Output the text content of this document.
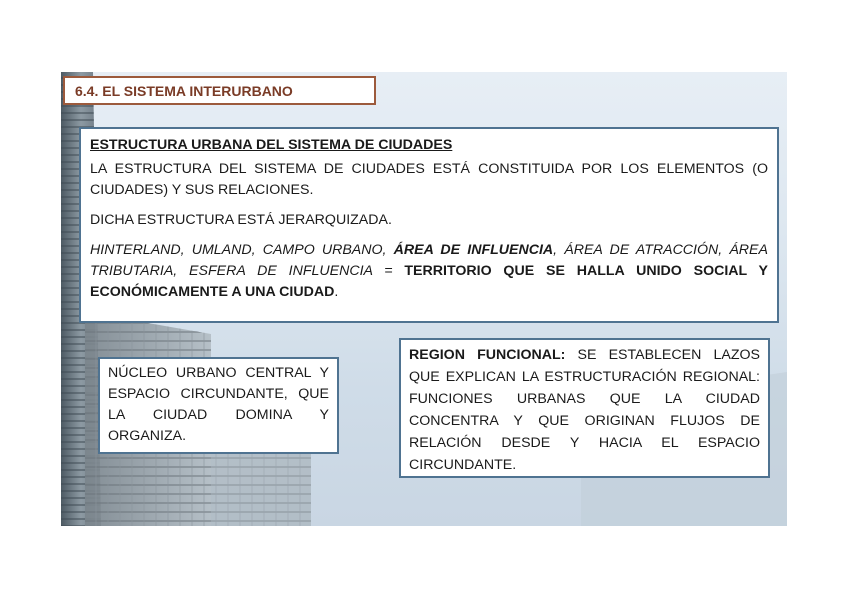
6.4. EL SISTEMA INTERURBANO

ESTRUCTURA URBANA DEL SISTEMA DE CIUDADES

LA ESTRUCTURA DEL SISTEMA DE CIUDADES ESTÁ CONSTITUIDA POR LOS ELEMENTOS (O CIUDADES) Y SUS RELACIONES.

DICHA ESTRUCTURA ESTÁ JERARQUIZADA.

HINTERLAND, UMLAND, CAMPO URBANO, ÁREA DE INFLUENCIA, ÁREA DE ATRACCIÓN, ÁREA TRIBUTARIA, ESFERA DE INFLUENCIA = TERRITORIO QUE SE HALLA UNIDO SOCIAL Y ECONÓMICAMENTE A UNA CIUDAD.

NÚCLEO URBANO CENTRAL Y ESPACIO CIRCUNDANTE, QUE LA CIUDAD DOMINA Y ORGANIZA.
REGION FUNCIONAL: SE ESTABLECEN LAZOS QUE EXPLICAN LA ESTRUCTURACIÓN REGIONAL: FUNCIONES URBANAS QUE LA CIUDAD CONCENTRA Y QUE ORIGINAN FLUJOS DE RELACIÓN DESDE Y HACIA EL ESPACIO CIRCUNDANTE.
